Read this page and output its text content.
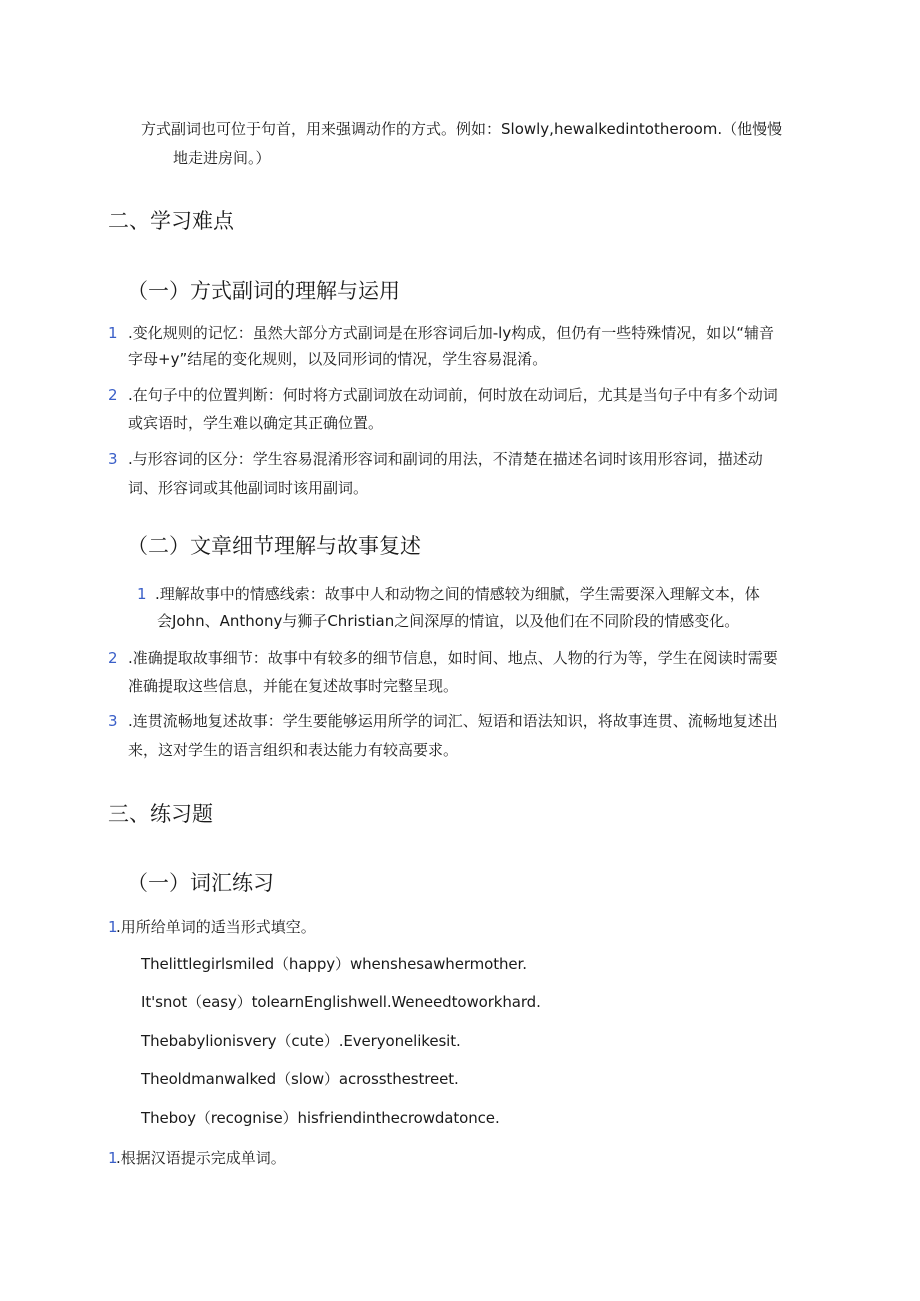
方式副词也可位于句首，用来强调动作的方式。例如：Slowly,hewalkedintotheroom.（他慢慢
地走进房间。）
二、学习难点
（一）方式副词的理解与运用
1 .变化规则的记忆：虽然大部分方式副词是在形容词后加-ly构成，但仍有一些特殊情况，如以“辅音
字母+y”结尾的变化规则，以及同形词的情况，学生容易混淆。
2 .在句子中的位置判断：何时将方式副词放在动词前，何时放在动词后，尤其是当句子中有多个动词
或宾语时，学生难以确定其正确位置。
3 .与形容词的区分：学生容易混淆形容词和副词的用法，不清楚在描述名词时该用形容词，描述动
词、形容词或其他副词时该用副词。
（二）文章细节理解与故事复述
1 .理解故事中的情感线索：故事中人和动物之间的情感较为细腻，学生需要深入理解文本，体
会John、Anthony与狮子Christian之间深厚的情谊，以及他们在不同阶段的情感变化。
2 .准确提取故事细节：故事中有较多的细节信息，如时间、地点、人物的行为等，学生在阅读时需要
准确提取这些信息，并能在复述故事时完整呈现。
3 .连贯流畅地复述故事：学生要能够运用所学的词汇、短语和语法知识，将故事连贯、流畅地复述出
来，这对学生的语言组织和表达能力有较高要求。
三、练习题
（一）词汇练习
1
.用所给单词的适当形式填空。
Thelittlegirlsmiled（happy）whenshesawhermother.
It'snot（easy）tolearnEnglishwell.Weneedtoworkhard.
Thebabylionisvery（cute）.Everyonelikesit.
Theoldmanwalked（slow）acrossthestreet.
Theboy（recognise）hisfriendinthecrowdatonce.
1
.根据汉语提示完成单词。
